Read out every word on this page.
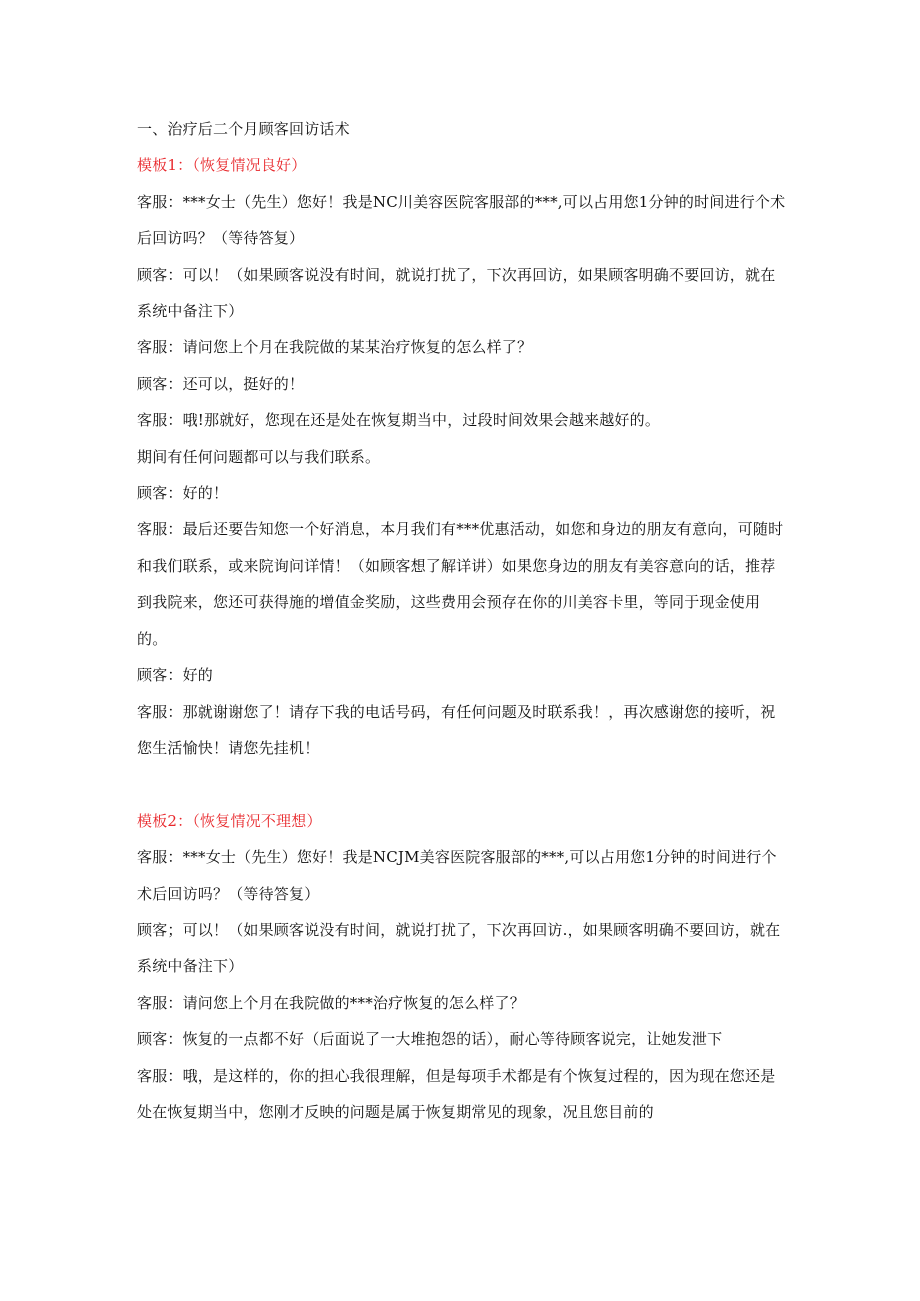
一、治疗后二个月顾客回访话术

模板1：（恢复情况良好）

客服：***女士（先生）您好！我是NC川美容医院客服部的***,可以占用您1分钟的时间进行个术后回访吗？（等待答复）

顾客：可以！（如果顾客说没有时间，就说打扰了，下次再回访，如果顾客明确不要回访，就在系统中备注下）

客服：请问您上个月在我院做的某某治疗恢复的怎么样了？

顾客：还可以，挺好的！

客服：哦!那就好，您现在还是处在恢复期当中，过段时间效果会越来越好的。

期间有任何问题都可以与我们联系。

顾客：好的！

客服：最后还要告知您一个好消息，本月我们有***优惠活动，如您和身边的朋友有意向，可随时和我们联系，或来院询问详情！（如顾客想了解详讲）如果您身边的朋友有美容意向的话，推荐到我院来，您还可获得施的增值金奖励，这些费用会预存在你的川美容卡里，等同于现金使用的。

顾客：好的

客服：那就谢谢您了！请存下我的电话号码，有任何问题及时联系我！，再次感谢您的接听，祝您生活愉快！请您先挂机！

模板2：（恢复情况不理想）

客服：***女士（先生）您好！我是NCJM美容医院客服部的***,可以占用您1分钟的时间进行个术后回访吗？（等待答复）

顾客；可以！（如果顾客说没有时间，就说打扰了，下次再回访.，如果顾客明确不要回访，就在系统中备注下）

客服：请问您上个月在我院做的***治疗恢复的怎么样了？

顾客：恢复的一点都不好（后面说了一大堆抱怨的话），耐心等待顾客说完，让她发泄下

客服：哦，是这样的，你的担心我很理解，但是每项手术都是有个恢复过程的，因为现在您还是处在恢复期当中，您刚才反映的问题是属于恢复期常见的现象，况且您目前的
